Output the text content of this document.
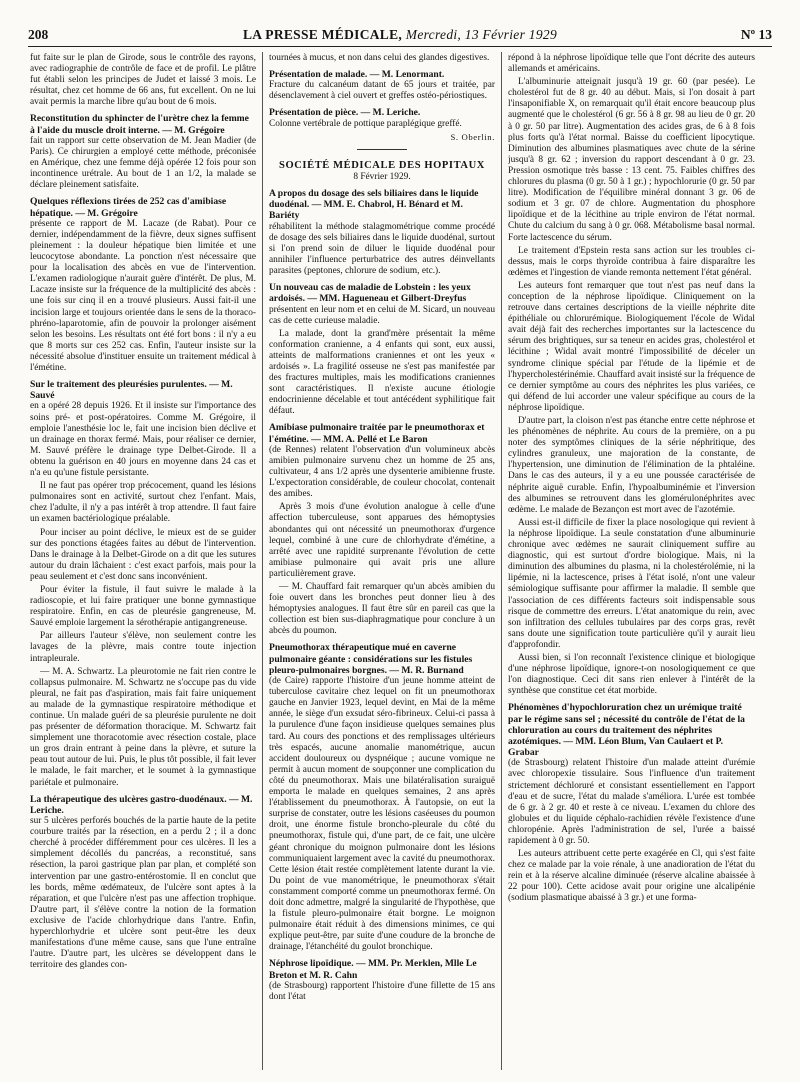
208	LA PRESSE MÉDICALE, Mercredi, 13 Février 1929	Nº 13

fut faite sur le plan de Girode, sous le contrôle des rayons, avec radiographie de contrôle de face et de profil. Le plâtre fut établi selon les principes de Judet et laissé 3 mois. Le résultat, chez cet homme de 66 ans, fut excellent. On ne lui avait permis la marche libre qu'au bout de 6 mois.

Reconstitution du sphincter de l'urètre chez la femme à l'aide du muscle droit interne. — M. Grégoire

fait un rapport sur cette observation de M. Jean Madier (de Paris). Ce chirurgien a employé cette méthode, préconisée en Amérique, chez une femme déjà opérée 12 fois pour son incontinence urétrale. Au bout de 1 an 1/2, la malade se déclare pleinement satisfaite.

Quelques réflexions tirées de 252 cas d'amibiase hépatique. — M. Grégoire

présente ce rapport de M. Lacaze (de Rabat). Pour ce dernier, indépendamment de la fièvre, deux signes suffisent pleinement : la douleur hépatique bien limitée et une leucocytose abondante. La ponction n'est nécessaire que pour la localisation des abcès en vue de l'intervention. L'examen radiologique n'aurait guère d'intérêt. De plus, M. Lacaze insiste sur la fréquence de la multiplicité des abcès : une fois sur cinq il en a trouvé plusieurs. Aussi fait-il une incision large et toujours orientée dans le sens de la thoraco-phréno-laparotomie, afin de pouvoir la prolonger aisément selon les besoins. Les résultats ont été fort bons : il n'y a eu que 8 morts sur ces 252 cas. Enfin, l'auteur insiste sur la nécessité absolue d'instituer ensuite un traitement médical à l'émétine.

Sur le traitement des pleurésies purulentes. — M. Sauvé

en a opéré 28 depuis 1926. Et il insiste sur l'importance des soins pré- et post-opératoires. Comme M. Grégoire, il emploie l'anesthésie loc le, fait une incision bien déclive et un drainage en thorax fermé. Mais, pour réaliser ce dernier, M. Sauvé préfère le drainage type Delbet-Girode. Il a obtenu la guérison en 40 jours en moyenne dans 24 cas et n'a eu qu'une fistule persistante.

Il ne faut pas opérer trop précocement, quand les lésions pulmonaires sont en activité, surtout chez l'enfant. Mais, chez l'adulte, il n'y a pas intérêt à trop attendre. Il faut faire un examen bactériologique préalable.

Pour inciser au point déclive, le mieux est de se guider sur des ponctions étagées faites au début de l'intervention. Dans le drainage à la Delbet-Girode on a dit que les sutures autour du drain lâchaient : c'est exact parfois, mais pour la peau seulement et c'est donc sans inconvénient.

Pour éviter la fistule, il faut suivre le malade à la radioscopie, et lui faire pratiquer une bonne gymnastique respiratoire. Enfin, en cas de pleurésie gangreneuse, M. Sauvé emploie largement la sérothérapie antigangreneuse.

Par ailleurs l'auteur s'élève, non seulement contre les lavages de la plèvre, mais contre toute injection intrapleurale.

— M. A. Schwartz. La pleurotomie ne fait rien contre le collapsus pulmonaire. M. Schwartz ne s'occupe pas du vide pleural, ne fait pas d'aspiration, mais fait faire uniquement au malade de la gymnastique respiratoire méthodique et continue. Un malade guéri de sa pleurésie purulente ne doit pas présenter de déformation thoracique. M. Schwartz fait simplement une thoracotomie avec résection costale, place un gros drain entrant à peine dans la plèvre, et suture la peau tout autour de lui. Puis, le plus tôt possible, il fait lever le malade, le fait marcher, et le soumet à la gymnastique pariétale et pulmonaire.

La thérapeutique des ulcères gastro-duodénaux. — M. Leriche.

sur 5 ulcères perforés bouchés de la partie haute de la petite courbure traités par la résection, en a perdu 2 ; il a donc cherché à procéder différemment pour ces ulcères. Il les a simplement décollés du pancréas, a reconstitué, sans résection, la paroi gastrique plan par plan, et complété son intervention par une gastro-entérostomie. Il en conclut que les bords, même œdémateux, de l'ulcère sont aptes à la réparation, et que l'ulcère n'est pas une affection trophique. D'autre part, il s'élève contre la notion de la formation exclusive de l'acide chlorhydrique dans l'antre. Enfin, hyperchlorhydrie et ulcère sont peut-être les deux manifestations d'une même cause, sans que l'une entraîne l'autre. D'autre part, les ulcères se développent dans le territoire des glandes con-

tournées à mucus, et non dans celui des glandes digestives.

Présentation de malade. — M. Lenormant.

Fracture du calcanéum datant de 65 jours et traitée, par désenclavement à ciel ouvert et greffes ostéo-périostiques.

Présentation de pièce. — M. Leriche.

Colonne vertébrale de pottique paraplégique greffé.

S. Oberlin.
SOCIÉTÉ MÉDICALE DES HOPITAUX
8 Février 1929.
A propos du dosage des sels biliaires dans le liquide duodénal. — MM. E. Chabrol, H. Bénard et M. Bariéty

réhabilitent la méthode stalagmométrique comme procédé de dosage des sels biliaires dans le liquide duodénal, surtout si l'on prend soin de diluer le liquide duodénal pour annihiler l'influence perturbatrice des autres déinvellants parasites (peptones, chlorure de sodium, etc.).

Un nouveau cas de maladie de Lobstein : les yeux ardoisés. — MM. Hagueneau et Gilbert-Dreyfus

présentent en leur nom et en celui de M. Sicard, un nouveau cas de cette curieuse maladie.

La malade, dont la grand'mère présentait la même conformation cranienne, a 4 enfants qui sont, eux aussi, atteints de malformations craniennes et ont les yeux « ardoisés ». La fragilité osseuse ne s'est pas manifestée par des fractures multiples, mais les modifications craniennes sont caractéristiques. Il n'existe aucune étiologie endocrinienne décelable et tout antécédent syphilitique fait défaut.

Amibiase pulmonaire traitée par le pneumothorax et l'émétine. — MM. A. Pellé et Le Baron

(de Rennes) relatent l'observation d'un volumineux abcès amibien pulmonaire survenu chez un homme de 25 ans, cultivateur, 4 ans 1/2 après une dysenterie amibienne fruste. L'expectoration considérable, de couleur chocolat, contenait des amibes.

Après 3 mois d'une évolution analogue à celle d'une affection tuberculeuse, sont apparues des hémoptysies abondantes qui ont nécessité un pneumothorax d'urgence lequel, combiné à une cure de chlorhydrate d'émétine, a arrêté avec une rapidité surprenante l'évolution de cette amibiase pulmonaire qui avait pris une allure particulièrement grave.

— M. Chauffard fait remarquer qu'un abcès amibien du foie ouvert dans les bronches peut donner lieu à des hémoptysies analogues. Il faut être sûr en pareil cas que la collection est bien sus-diaphragmatique pour conclure à un abcès du poumon.

Pneumothorax thérapeutique mué en caverne pulmonaire géante : considérations sur les fistules pleuro-pulmonaires borgnes. — M. R. Burnand

(de Caire) rapporte l'histoire d'un jeune homme atteint de tuberculose cavitaire chez lequel on fit un pneumothorax gauche en Janvier 1923, lequel devint, en Mai de la même année, le siège d'un exsudat séro-fibrineux. Celui-ci passa à la purulence d'une façon insidieuse quelques semaines plus tard. Au cours des ponctions et des remplissages ultérieurs très espacés, aucune anomalie manométrique, aucun accident douloureux ou dyspnéique ; aucune vomique ne permit à aucun moment de soupçonner une complication du côté du pneumothorax. Mais une bilatéralisation suraiguë emporta le malade en quelques semaines, 2 ans après l'établissement du pneumothorax. À l'autopsie, on eut la surprise de constater, outre les lésions caséeuses du poumon droit, une énorme fistule broncho-pleurale du côté du pneumothorax, fistule qui, d'une part, de ce fait, une ulcère géant chronique du moignon pulmonaire dont les lésions communiquaient largement avec la cavité du pneumothorax. Cette lésion était restée complètement latente durant la vie. Du point de vue manométrique, le pneumothorax s'était constamment comporté comme un pneumothorax fermé. On doit donc admettre, malgré la singularité de l'hypothèse, que la fistule pleuro-pulmonaire était borgne. Le moignon pulmonaire était réduit à des dimensions minimes, ce qui explique peut-être, par suite d'une coudure de la bronche de drainage, l'étanchéité du goulot bronchique.

Néphrose lipoïdique. — MM. Pr. Merklen, Mlle Le Breton et M. R. Cahn

(de Strasbourg) rapportent l'histoire d'une fillette de 15 ans dont l'état

répond à la néphrose lipoïdique telle que l'ont décrite des auteurs allemands et américains.

L'albuminurie atteignait jusqu'à 19 gr. 60 (par pesée). Le cholestérol fut de 8 gr. 40 au début. Mais, si l'on dosait à part l'insaponifiable X, on remarquait qu'il était encore beaucoup plus augmenté que le cholestérol (6 gr. 56 à 8 gr. 98 au lieu de 0 gr. 20 à 0 gr. 50 par litre). Augmentation des acides gras, de 6 à 8 fois plus forts qu'à l'état normal. Baisse du coefficient lipocytique. Diminution des albumines plasmatiques avec chute de la sérine jusqu'à 8 gr. 62 ; inversion du rapport descendant à 0 gr. 23. Pression osmotique très basse : 13 cent. 75. Faibles chiffres des chlorures du plasma (0 gr. 50 à 1 gr.) ; hypochlorurie (0 gr. 50 par litre). Modification de l'équilibre minéral donnant 3 gr. 06 de sodium et 3 gr. 07 de chlore. Augmentation du phosphore lipoïdique et de la lécithine au triple environ de l'état normal. Chute du calcium du sang à 0 gr. 068. Métabolisme basal normal. Forte lactescence du sérum.

Le traitement d'Epstein resta sans action sur les troubles ci-dessus, mais le corps thyroïde contribua à faire disparaître les œdèmes et l'ingestion de viande remonta nettement l'état général.

Les auteurs font remarquer que tout n'est pas neuf dans la conception de la néphrose lipoïdique. Cliniquement on la retrouve dans certaines descriptions de la vieille néphrite dite épithéliale ou chlorurémique. Biologiquement l'école de Widal avait déjà fait des recherches importantes sur la lactescence du sérum des brightiques, sur sa teneur en acides gras, cholestérol et lécithine ; Widal avait montré l'impossibilité de déceler un syndrome clinique spécial par l'étude de la lipémie et de l'hypercholestérinémie. Chauffard avait insisté sur la fréquence de ce dernier symptôme au cours des néphrites les plus variées, ce qui défend de lui accorder une valeur spécifique au cours de la néphrose lipoïdique.

D'autre part, la cloison n'est pas étanche entre cette néphrose et les phénomènes de néphrite. Au cours de la première, on a pu noter des symptômes cliniques de la série néphritique, des cylindres granuleux, une majoration de la constante, de l'hypertension, une diminution de l'élimination de la phtaléine. Dans le cas des auteurs, il y a eu une poussée caractérisée de néphrite aiguë curable. Enfin, l'hypoalbuminémie et l'inversion des albumines se retrouvent dans les glomérulonéphrites avec œdème. Le malade de Bezançon est mort avec de l'azotémie.

Aussi est-il difficile de fixer la place nosologique qui revient à la néphrose lipoïdique. La seule constatation d'une albuminurie chronique avec œdèmes ne saurait cliniquement suffire au diagnostic, qui est surtout d'ordre biologique. Mais, ni la diminution des albumines du plasma, ni la cholestérolémie, ni la lipémie, ni la lactescence, prises à l'état isolé, n'ont une valeur sémiologique suffisante pour affirmer la maladie. Il semble que l'association de ces différents facteurs soit indispensable sous risque de commettre des erreurs. L'état anatomique du rein, avec son infiltration des cellules tubulaires par des corps gras, revêt sans doute une signification toute particulière qu'il y aurait lieu d'approfondir.

Aussi bien, si l'on reconnaît l'existence clinique et biologique d'une néphrose lipoïdique, ignore-t-on nosologiquement ce que l'on diagnostique. Ceci dit sans rien enlever à l'intérêt de la synthèse que constitue cet état morbide.

Phénomènes d'hypochloruration chez un urémique traité par le régime sans sel ; nécessité du contrôle de l'état de la chloruration au cours du traitement des néphrites azotémiques. — MM. Léon Blum, Van Caulaert et P. Grabar

(de Strasbourg) relatent l'histoire d'un malade atteint d'urémie avec chloropexie tissulaire. Sous l'influence d'un traitement strictement déchloruré et consistant essentiellement en l'apport d'eau et de sucre, l'état du malade s'améliora. L'urée est tombée de 6 gr. à 2 gr. 40 et reste à ce niveau. L'examen du chlore des globules et du liquide céphalo-rachidien révèle l'existence d'une chloropénie. Après l'administration de sel, l'urée a baissé rapidement à 0 gr. 50.

Les auteurs attribuent cette perte exagérée en Cl, qui s'est faite chez ce malade par la voie rénale, à une anadioration de l'état du rein et à la réserve alcaline diminuée (réserve alcaline abaissée à 22 pour 100). Cette acidose avait pour origine une alcalipénie (sodium plasmatique abaissé à 3 gr.) et une forma-
